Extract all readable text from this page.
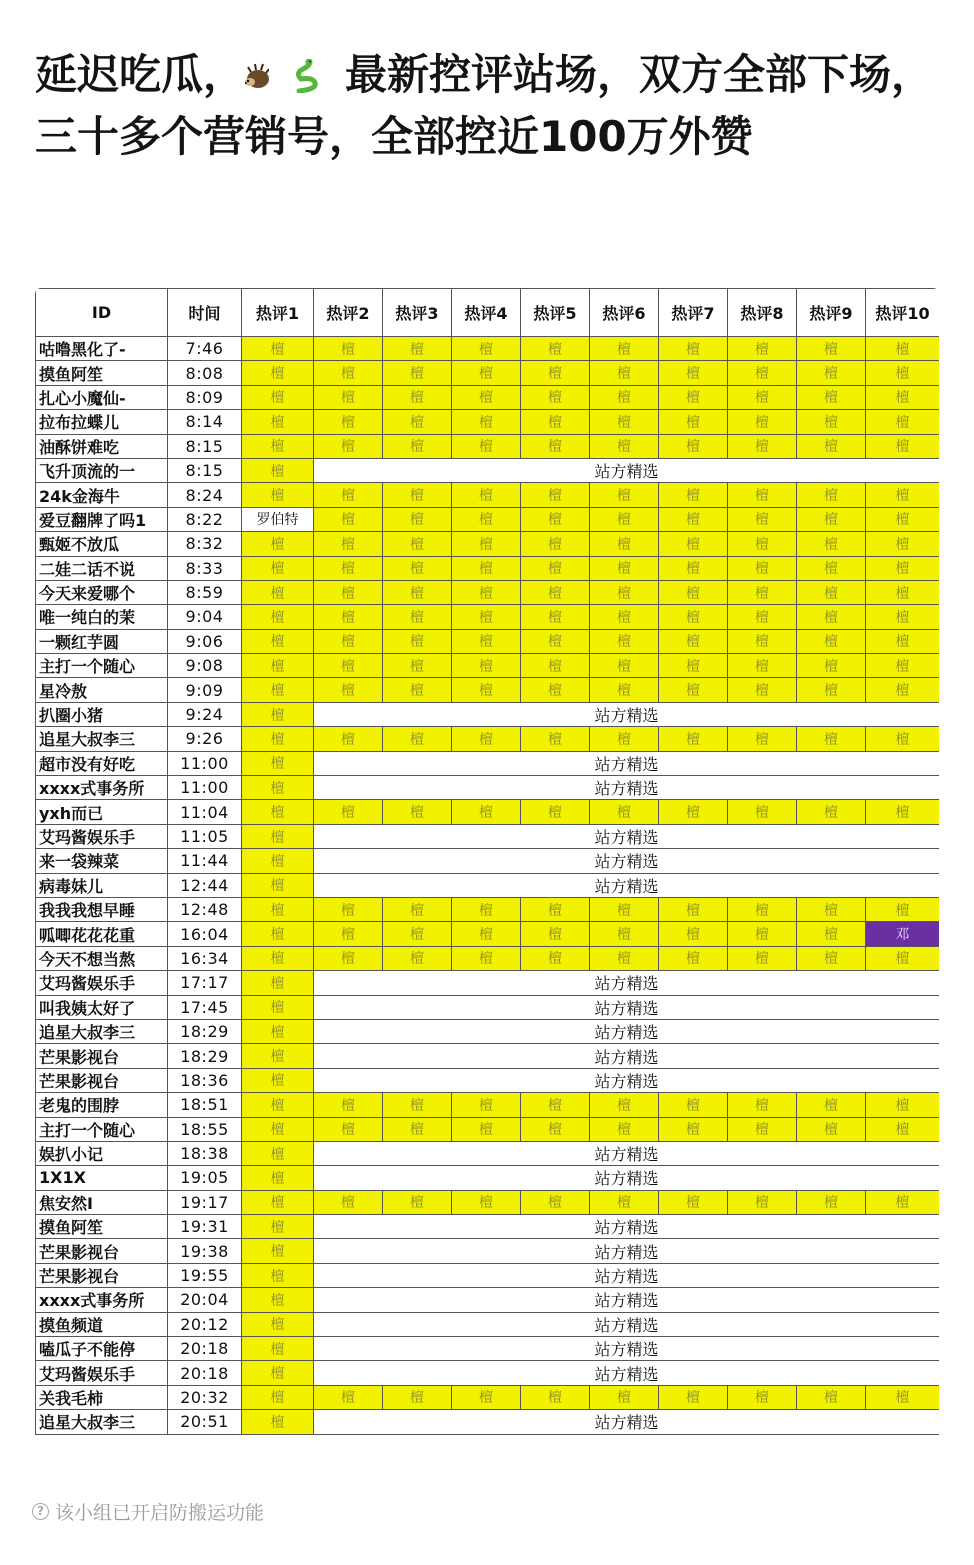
延迟吃瓜， 最新控评站场，双方全部下场，三十多个营销号，全部控近100万外赞
ID	时间	热评1	热评2	热评3	热评4	热评5	热评6	热评7	热评8	热评9	热评10
咕噜黑化了-	7:46	檀	檀	檀	檀	檀	檀	檀	檀	檀	檀
摸鱼阿笙	8:08	檀	檀	檀	檀	檀	檀	檀	檀	檀	檀
扎心小魔仙-	8:09	檀	檀	檀	檀	檀	檀	檀	檀	檀	檀
拉布拉蝶儿	8:14	檀	檀	檀	檀	檀	檀	檀	檀	檀	檀
油酥饼难吃	8:15	檀	檀	檀	檀	檀	檀	檀	檀	檀	檀
飞升顶流的一	8:15	檀	站方精选								
24k金海牛	8:24	檀	檀	檀	檀	檀	檀	檀	檀	檀	檀
爱豆翻牌了吗1	8:22	罗伯特	檀	檀	檀	檀	檀	檀	檀	檀	檀
甄姬不放瓜	8:32	檀	檀	檀	檀	檀	檀	檀	檀	檀	檀
二娃二话不说	8:33	檀	檀	檀	檀	檀	檀	檀	檀	檀	檀
今天来爱哪个	8:59	檀	檀	檀	檀	檀	檀	檀	檀	檀	檀
唯一纯白的茉	9:04	檀	檀	檀	檀	檀	檀	檀	檀	檀	檀
一颗红芋圆	9:06	檀	檀	檀	檀	檀	檀	檀	檀	檀	檀
主打一个随心	9:08	檀	檀	檀	檀	檀	檀	檀	檀	檀	檀
星冷敖	9:09	檀	檀	檀	檀	檀	檀	檀	檀	檀	檀
扒圈小猪	9:24	檀	站方精选								
追星大叔李三	9:26	檀	檀	檀	檀	檀	檀	檀	檀	檀	檀
超市没有好吃	11:00	檀	站方精选								
xxxx式事务所	11:00	檀	站方精选								
yxh而已	11:04	檀	檀	檀	檀	檀	檀	檀	檀	檀	檀
艾玛酱娱乐手	11:05	檀	站方精选								
来一袋辣菜	11:44	檀	站方精选								
病毒妹儿	12:44	檀	站方精选								
我我我想早睡	12:48	檀	檀	檀	檀	檀	檀	檀	檀	檀	檀
呱唧花花花重	16:04	檀	檀	檀	檀	檀	檀	檀	檀	檀	邓
今天不想当熬	16:34	檀	檀	檀	檀	檀	檀	檀	檀	檀	檀
艾玛酱娱乐手	17:17	檀	站方精选								
叫我姨太好了	17:45	檀	站方精选								
追星大叔李三	18:29	檀	站方精选								
芒果影视台	18:29	檀	站方精选								
芒果影视台	18:36	檀	站方精选								
老鬼的围脖	18:51	檀	檀	檀	檀	檀	檀	檀	檀	檀	檀
主打一个随心	18:55	檀	檀	檀	檀	檀	檀	檀	檀	檀	檀
娱扒小记	18:38	檀	站方精选								
1X1X	19:05	檀	站方精选								
焦安然I	19:17	檀	檀	檀	檀	檀	檀	檀	檀	檀	檀
摸鱼阿笙	19:31	檀	站方精选								
芒果影视台	19:38	檀	站方精选								
芒果影视台	19:55	檀	站方精选								
xxxx式事务所	20:04	檀	站方精选								
摸鱼频道	20:12	檀	站方精选								
嗑瓜子不能停	20:18	檀	站方精选								
艾玛酱娱乐手	20:18	檀	站方精选								
关我毛柿	20:32	檀	檀	檀	檀	檀	檀	檀	檀	檀	檀
追星大叔李三	20:51	檀	站方精选								
? 该小组已开启防搬运功能
